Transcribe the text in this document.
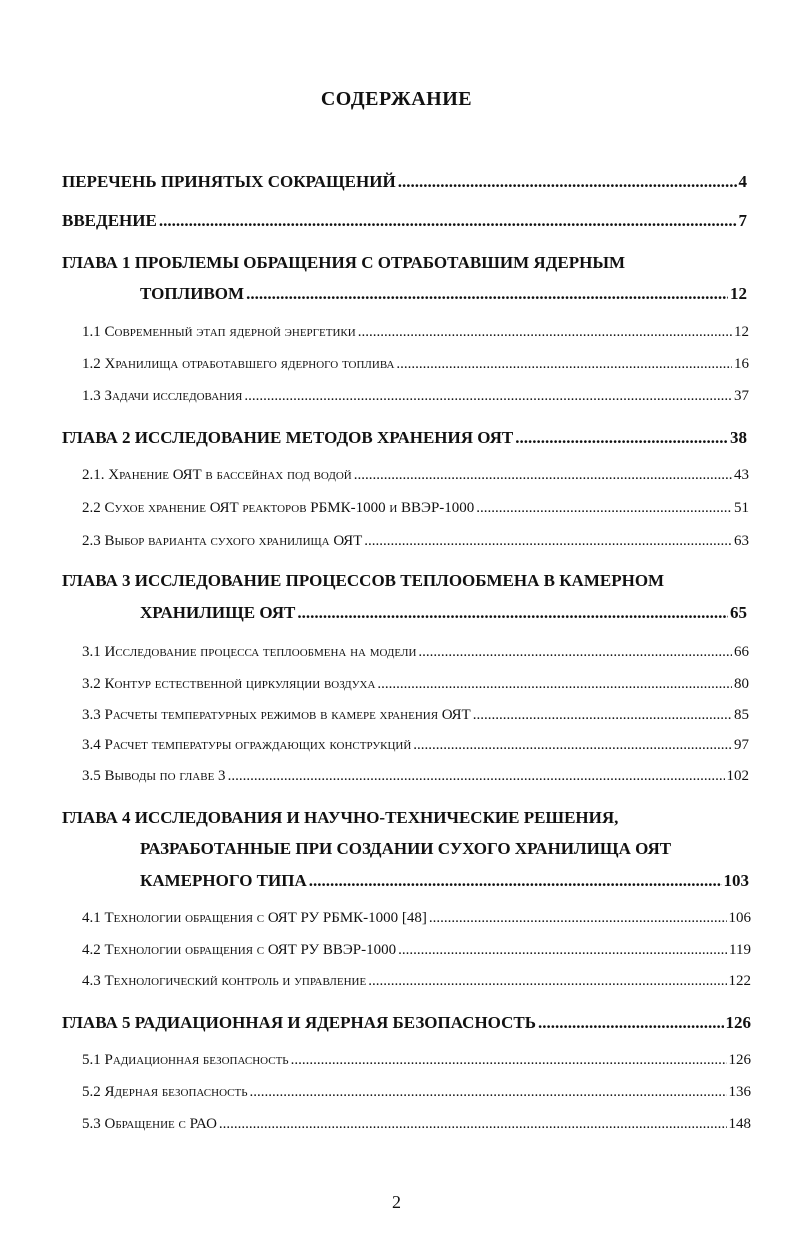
СОДЕРЖАНИЕ
ПЕРЕЧЕНЬ ПРИНЯТЫХ СОКРАЩЕНИЙ .....	4
ВВЕДЕНИЕ .....	7
ГЛАВА 1 ПРОБЛЕМЫ ОБРАЩЕНИЯ С ОТРАБОТАВШИМ ЯДЕРНЫМ
ТОПЛИВОМ .....	12
1.1 Современный этап ядерной энергетики .....	12
1.2 Хранилища отработавшего ядерного топлива .....	16
1.3 Задачи исследования .....	37
ГЛАВА 2 ИССЛЕДОВАНИЕ МЕТОДОВ ХРАНЕНИЯ ОЯТ .....	38
2.1. Хранение ОЯТ в бассейнах под водой .....	43
2.2 Сухое хранение ОЯТ реакторов РБМК-1000 и ВВЭР-1000 .....	51
2.3 Выбор варианта сухого хранилища ОЯТ .....	63
ГЛАВА 3 ИССЛЕДОВАНИЕ ПРОЦЕССОВ ТЕПЛООБМЕНА В КАМЕРНОМ
ХРАНИЛИЩЕ ОЯТ .....	65
3.1 Исследование процесса теплообмена на модели .....	66
3.2 Контур естественной циркуляции воздуха .....	80
3.3 Расчеты температурных режимов в камере хранения ОЯТ .....	85
3.4 Расчет температуры ограждающих конструкций .....	97
3.5 Выводы по главе 3 .....	102
ГЛАВА 4 ИССЛЕДОВАНИЯ И НАУЧНО-ТЕХНИЧЕСКИЕ РЕШЕНИЯ,
РАЗРАБОТАННЫЕ ПРИ СОЗДАНИИ СУХОГО ХРАНИЛИЩА ОЯТ
КАМЕРНОГО ТИПА .....	103
4.1 Технологии обращения с ОЯТ РУ РБМК-1000 [48] .....	106
4.2 Технологии обращения с ОЯТ РУ ВВЭР-1000 .....	119
4.3 Технологический контроль и управление .....	122
ГЛАВА 5 РАДИАЦИОННАЯ И ЯДЕРНАЯ БЕЗОПАСНОСТЬ .....	126
5.1 Радиационная безопасность .....	126
5.2 Ядерная безопасность .....	136
5.3 Обращение с РАО .....	148
2
